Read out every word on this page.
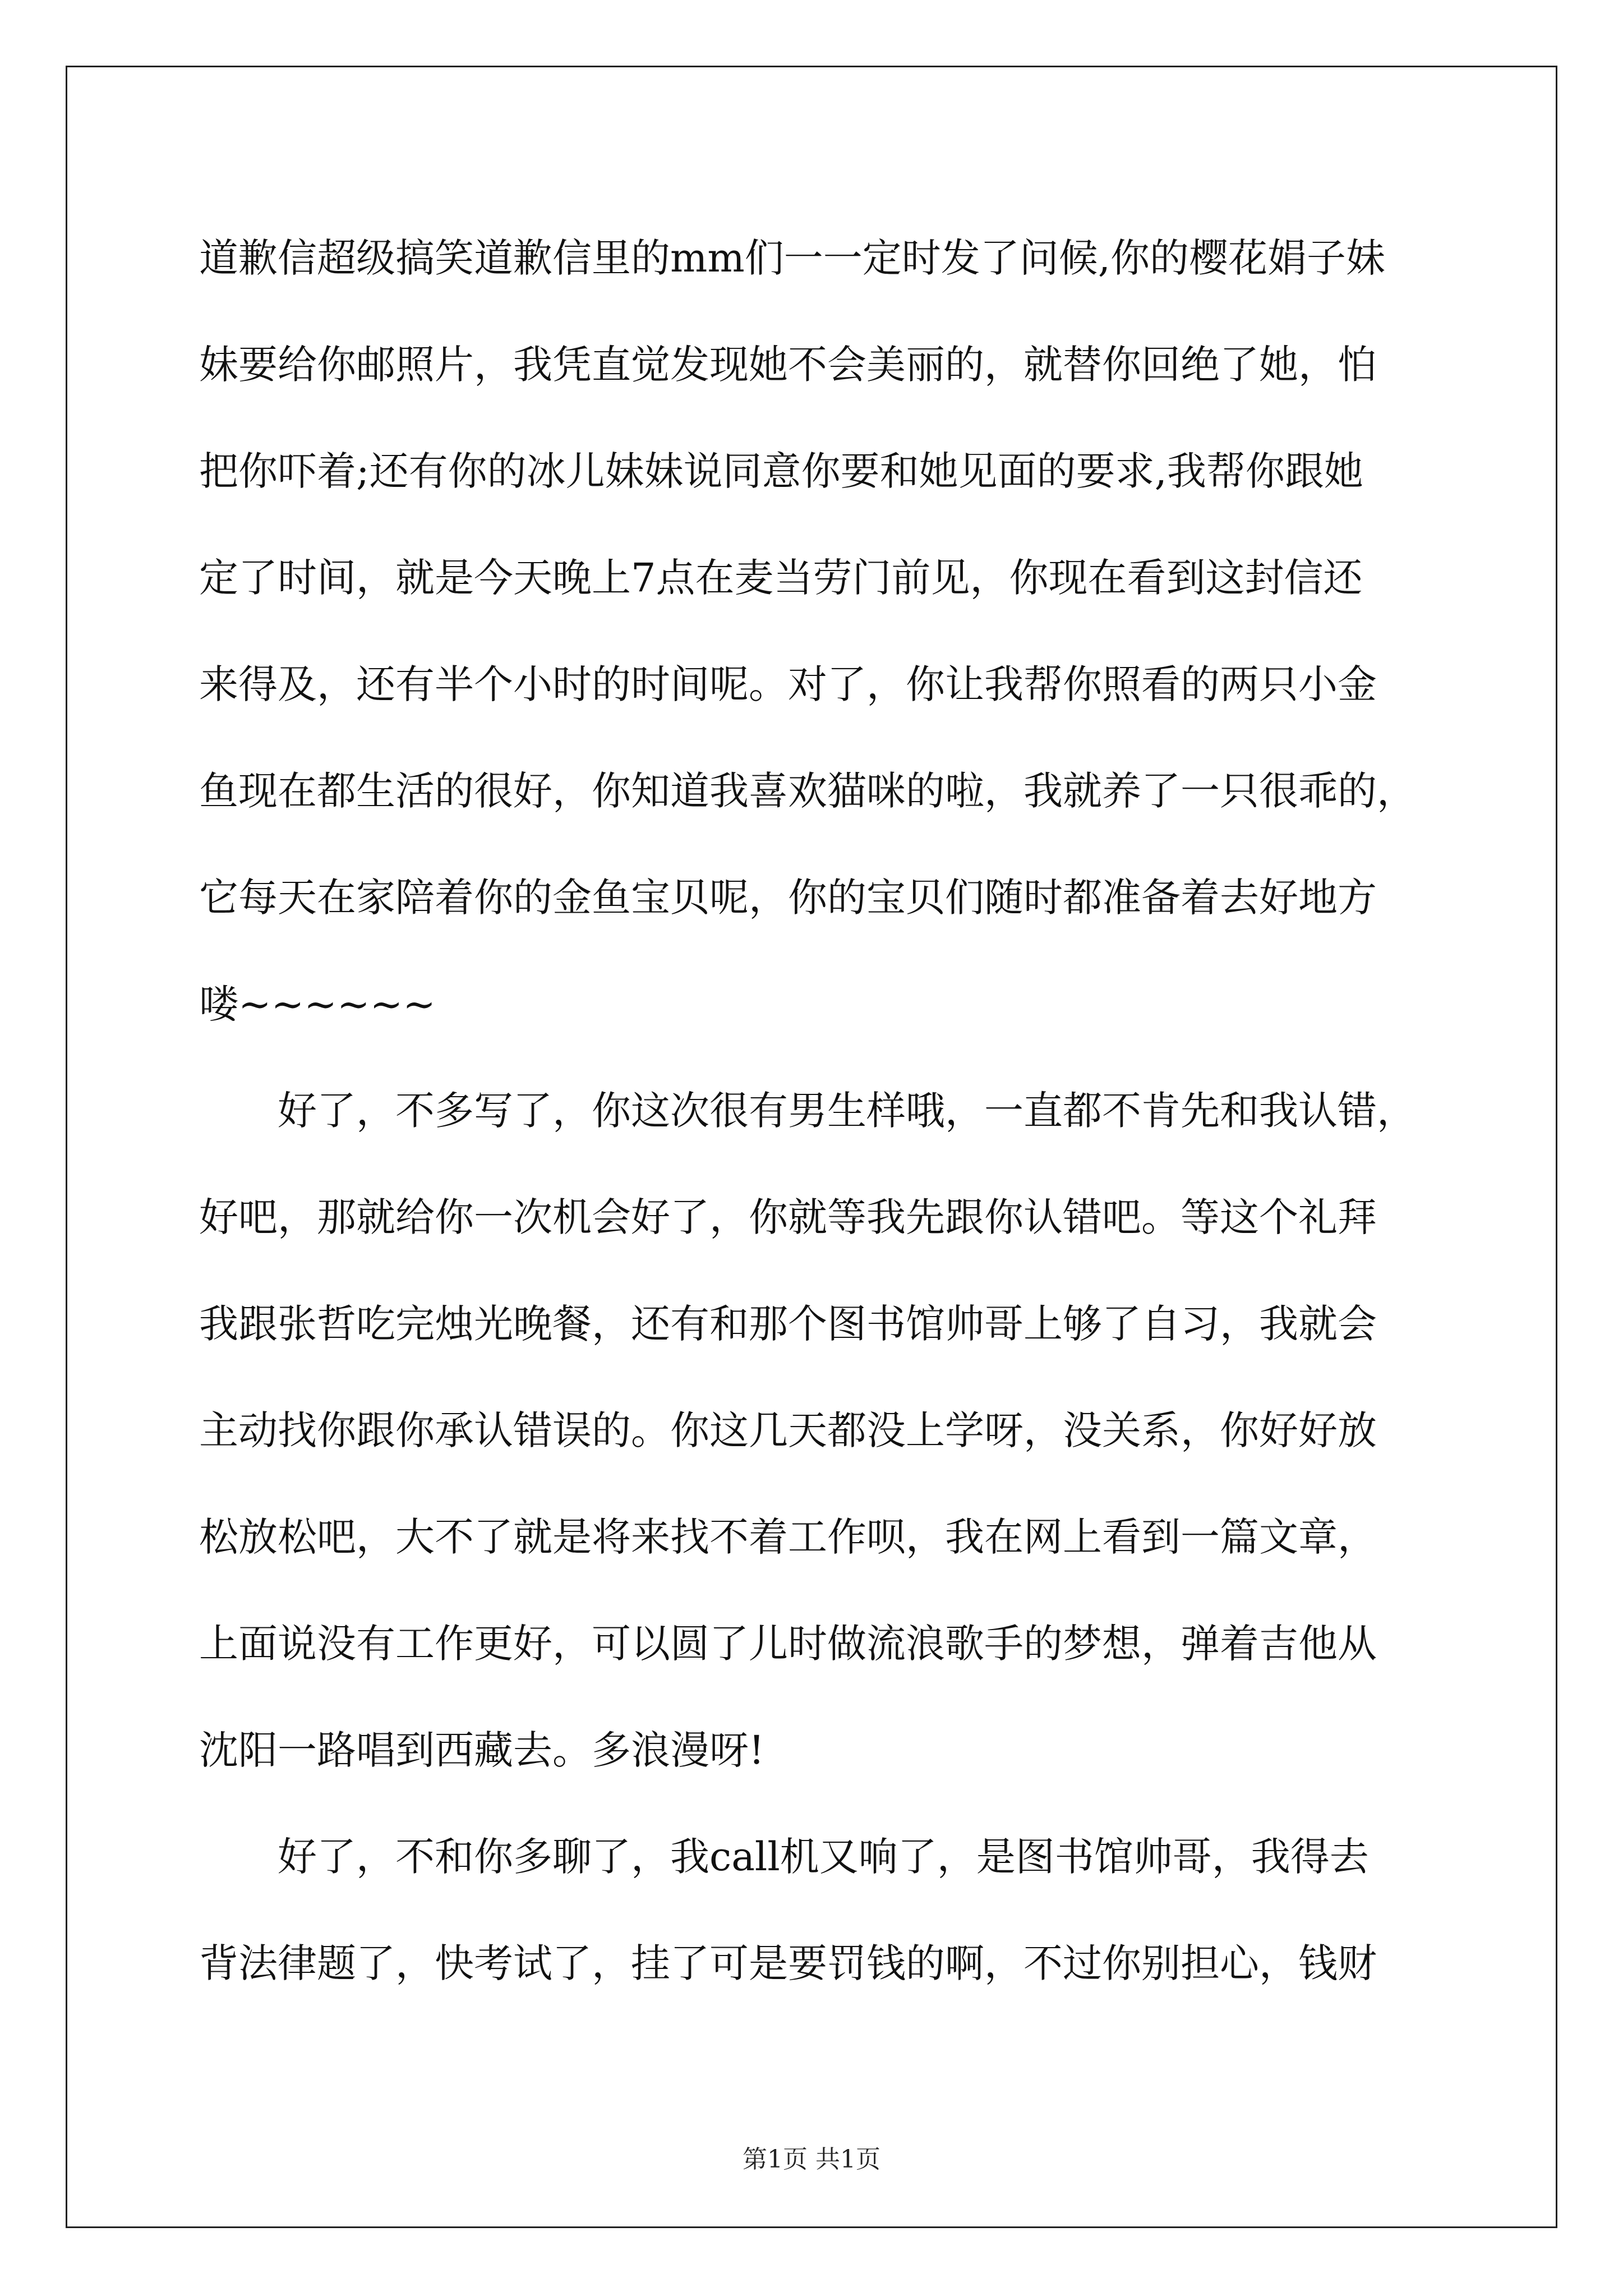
道歉信超级搞笑道歉信里的mm们一一定时发了问候,你的樱花娟子妹
妹要给你邮照片，我凭直觉发现她不会美丽的，就替你回绝了她，怕
把你吓着;还有你的冰儿妹妹说同意你要和她见面的要求,我帮你跟她
定了时间，就是今天晚上7点在麦当劳门前见，你现在看到这封信还
来得及，还有半个小时的时间呢。对了，你让我帮你照看的两只小金
鱼现在都生活的很好，你知道我喜欢猫咪的啦，我就养了一只很乖的，
它每天在家陪着你的金鱼宝贝呢，你的宝贝们随时都准备着去好地方
喽~~~~~~
好了，不多写了，你这次很有男生样哦，一直都不肯先和我认错，
好吧，那就给你一次机会好了，你就等我先跟你认错吧。等这个礼拜
我跟张哲吃完烛光晚餐，还有和那个图书馆帅哥上够了自习，我就会
主动找你跟你承认错误的。你这几天都没上学呀，没关系，你好好放
松放松吧，大不了就是将来找不着工作呗，我在网上看到一篇文章，
上面说没有工作更好，可以圆了儿时做流浪歌手的梦想，弹着吉他从
沈阳一路唱到西藏去。多浪漫呀!
好了，不和你多聊了，我call机又响了，是图书馆帅哥，我得去
背法律题了，快考试了，挂了可是要罚钱的啊，不过你别担心，钱财
第1页 共1页
